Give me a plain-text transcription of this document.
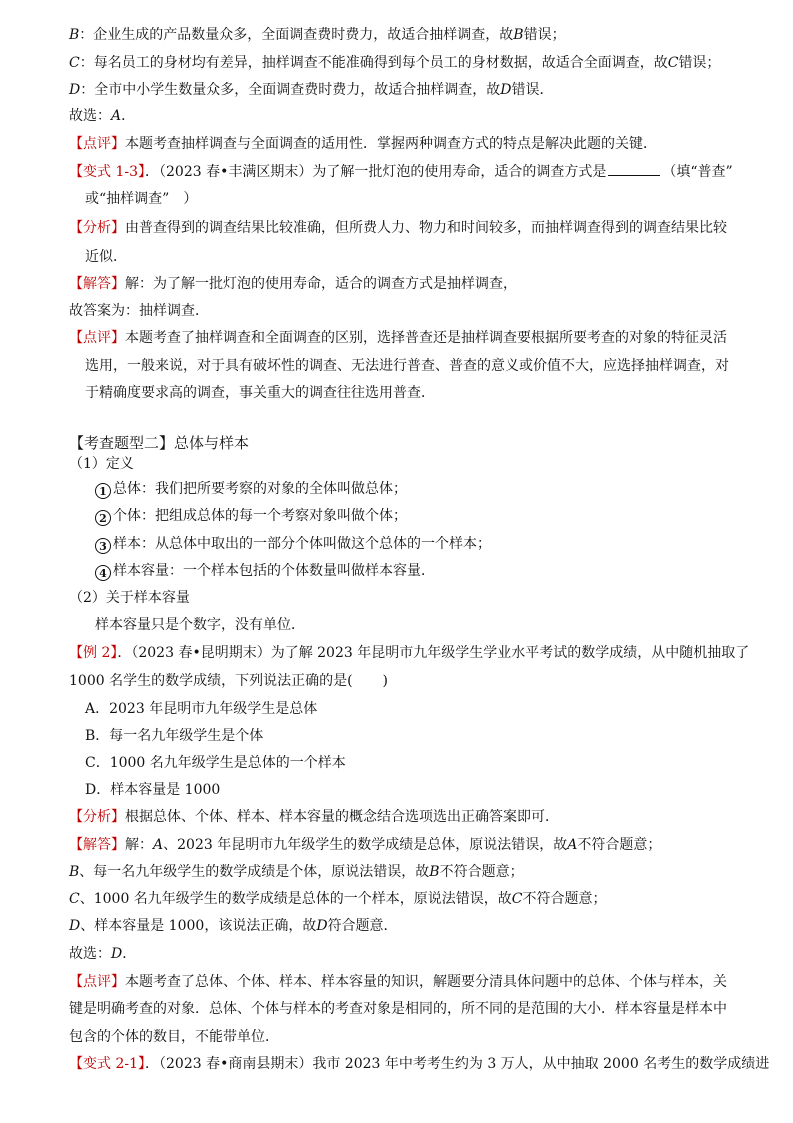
B：企业生成的产品数量众多，全面调查费时费力，故适合抽样调查，故B错误；
C：每名员工的身材均有差异，抽样调查不能准确得到每个员工的身材数据，故适合全面调查，故C错误；
D：全市中小学生数量众多，全面调查费时费力，故适合抽样调查，故D错误．
故选：A．
【点评】本题考查抽样调查与全面调查的适用性．掌握两种调查方式的特点是解决此题的关键．
【变式 1-3】．（2023 春•丰满区期末）为了解一批灯泡的使用寿命，适合的调查方式是	（填“普查”
或“抽样调查”　）
【分析】由普查得到的调查结果比较准确，但所费人力、物力和时间较多，而抽样调查得到的调查结果比较
近似．
【解答】解：为了解一批灯泡的使用寿命，适合的调查方式是抽样调查，
故答案为：抽样调查．
【点评】本题考查了抽样调查和全面调查的区别，选择普查还是抽样调查要根据所要考查的对象的特征灵活
选用，一般来说，对于具有破坏性的调查、无法进行普查、普查的意义或价值不大，应选择抽样调查，对
于精确度要求高的调查，事关重大的调查往往选用普查．
【考查题型二】总体与样本
（1）定义
1 总体：我们把所要考察的对象的全体叫做总体；
2 个体：把组成总体的每一个考察对象叫做个体；
3 样本：从总体中取出的一部分个体叫做这个总体的一个样本；
4 样本容量：一个样本包括的个体数量叫做样本容量．
（2）关于样本容量
样本容量只是个数字，没有单位．
【例 2】．（2023 春•昆明期末）为了解 2023 年昆明市九年级学生学业水平考试的数学成绩，从中随机抽取了
1000 名学生的数学成绩，下列说法正确的是( )
A．2023 年昆明市九年级学生是总体
B．每一名九年级学生是个体
C．1000 名九年级学生是总体的一个样本
D．样本容量是 1000
【分析】根据总体、个体、样本、样本容量的概念结合选项选出正确答案即可．
【解答】解：A、2023 年昆明市九年级学生的数学成绩是总体，原说法错误，故A不符合题意；
B、每一名九年级学生的数学成绩是个体，原说法错误，故B不符合题意；
C、1000 名九年级学生的数学成绩是总体的一个样本，原说法错误，故C不符合题意；
D、样本容量是 1000，该说法正确，故D符合题意．
故选：D．
【点评】本题考查了总体、个体、样本、样本容量的知识，解题要分清具体问题中的总体、个体与样本，关
键是明确考查的对象．总体、个体与样本的考查对象是相同的，所不同的是范围的大小．样本容量是样本中
包含的个体的数目，不能带单位．
【变式 2-1】．（2023 春•商南县期末）我市 2023 年中考考生约为 3 万人，从中抽取 2000 名考生的数学成绩进
